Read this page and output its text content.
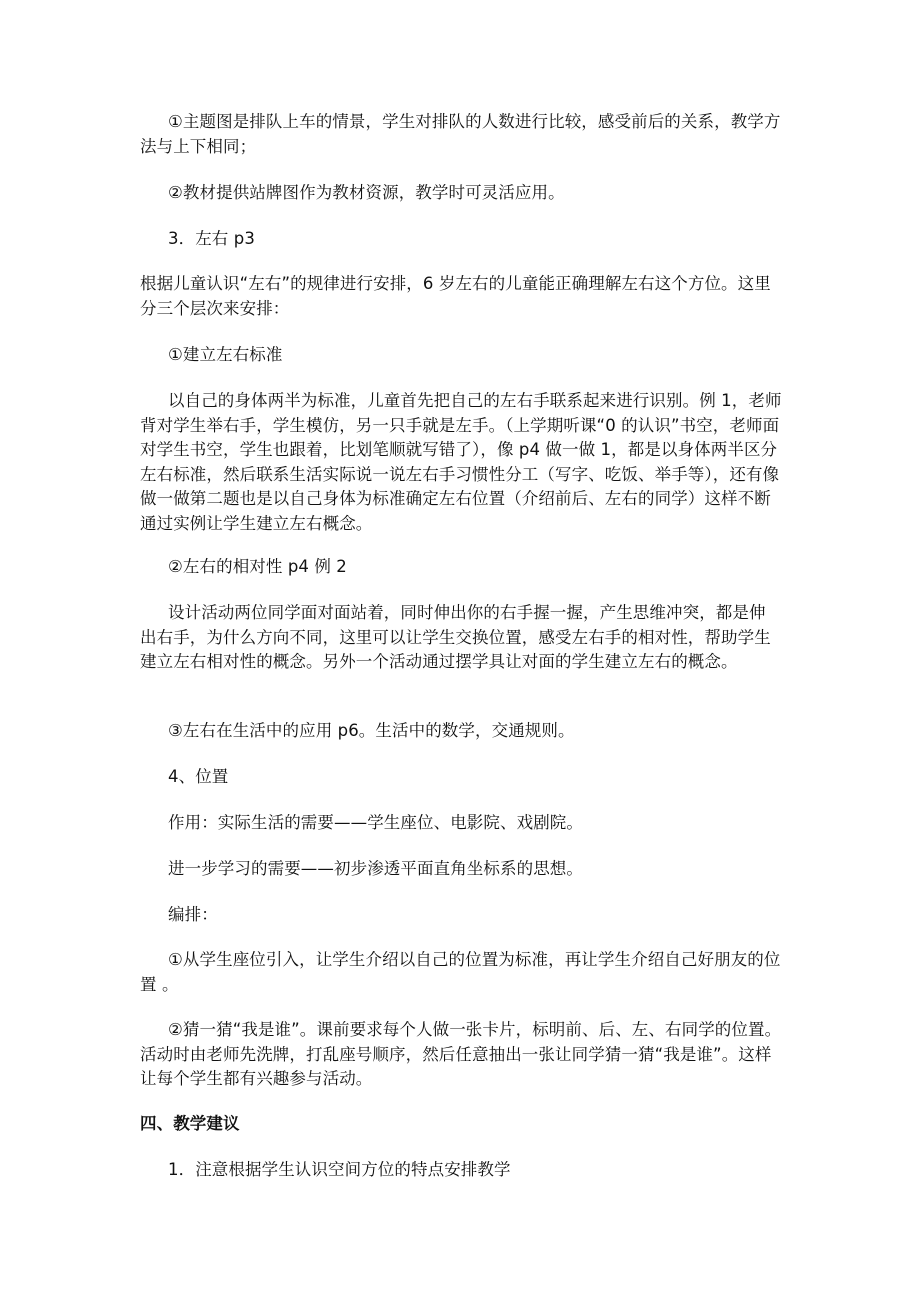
①主题图是排队上车的情景，学生对排队的人数进行比较，感受前后的关系，教学方法与上下相同；

②教材提供站牌图作为教材资源，教学时可灵活应用。

3．左右 p3

根据儿童认识“左右”的规律进行安排，6 岁左右的儿童能正确理解左右这个方位。这里分三个层次来安排：

①建立左右标准

以自己的身体两半为标准，儿童首先把自己的左右手联系起来进行识别。例 1，老师背对学生举右手，学生模仿，另一只手就是左手。（上学期听课“0 的认识”书空，老师面对学生书空，学生也跟着，比划笔顺就写错了），像 p4 做一做 1，都是以身体两半区分左右标准，然后联系生活实际说一说左右手习惯性分工（写字、吃饭、举手等），还有像做一做第二题也是以自己身体为标准确定左右位置（介绍前后、左右的同学）这样不断通过实例让学生建立左右概念。

②左右的相对性 p4 例 2

设计活动两位同学面对面站着，同时伸出你的右手握一握，产生思维冲突，都是伸出右手，为什么方向不同，这里可以让学生交换位置，感受左右手的相对性，帮助学生建立左右相对性的概念。另外一个活动通过摆学具让对面的学生建立左右的概念。

③左右在生活中的应用 p6。生活中的数学，交通规则。

4、位置

作用：实际生活的需要——学生座位、电影院、戏剧院。

进一步学习的需要——初步渗透平面直角坐标系的思想。

编排：

①从学生座位引入，让学生介绍以自己的位置为标准，再让学生介绍自己好朋友的位置 。

②猜一猜“我是谁”。课前要求每个人做一张卡片，标明前、后、左、右同学的位置。活动时由老师先洗牌，打乱座号顺序，然后任意抽出一张让同学猜一猜“我是谁”。这样让每个学生都有兴趣参与活动。

四、教学建议

1．注意根据学生认识空间方位的特点安排教学
